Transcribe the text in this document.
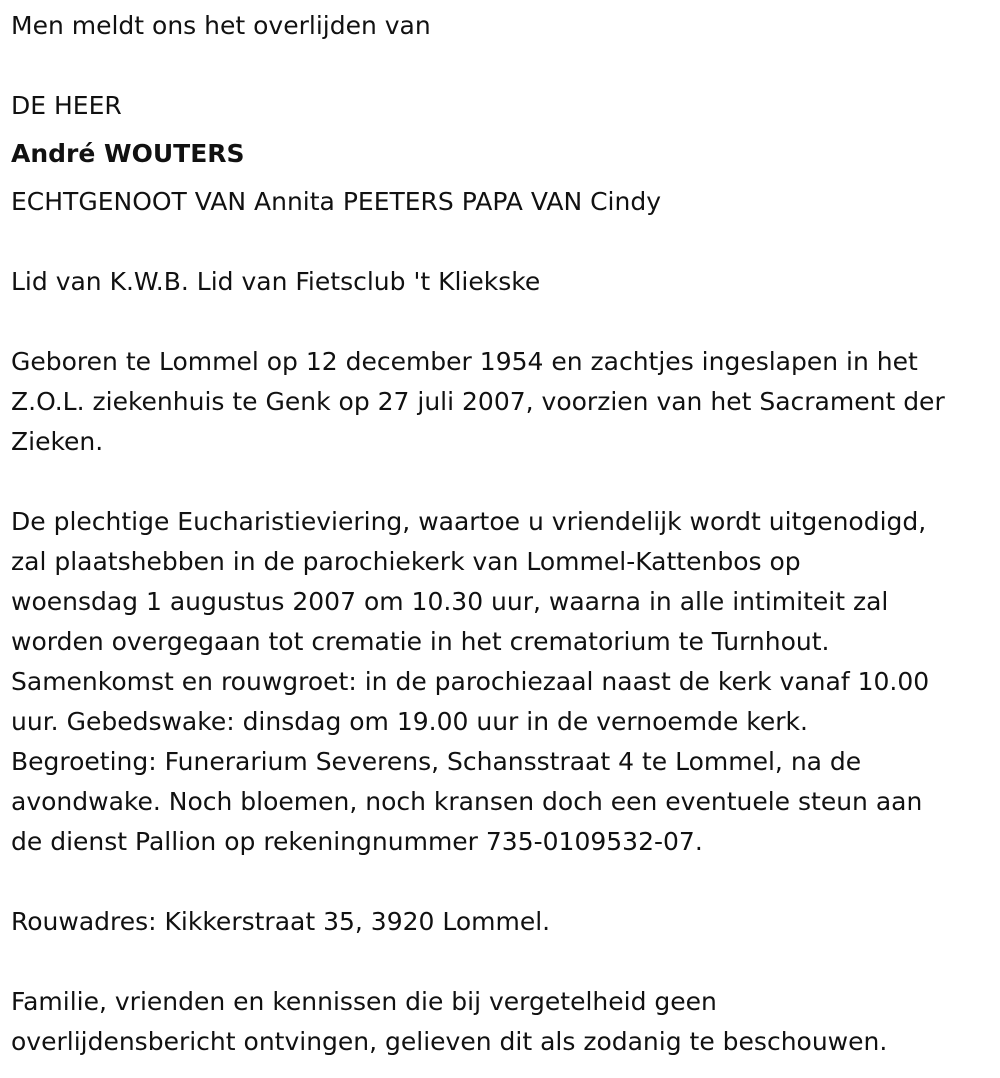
Men meldt ons het overlijden van
DE HEER
André WOUTERS
ECHTGENOOT VAN Annita PEETERS PAPA VAN Cindy
Lid van K.W.B. Lid van Fietsclub 't Kliekske
Geboren te Lommel op 12 december 1954 en zachtjes ingeslapen in het
Z.O.L. ziekenhuis te Genk op 27 juli 2007, voorzien van het Sacrament der
Zieken.
De plechtige Eucharistieviering, waartoe u vriendelijk wordt uitgenodigd,
zal plaatshebben in de parochiekerk van Lommel-Kattenbos op
woensdag 1 augustus 2007 om 10.30 uur, waarna in alle intimiteit zal
worden overgegaan tot crematie in het crematorium te Turnhout.
Samenkomst en rouwgroet: in de parochiezaal naast de kerk vanaf 10.00
uur. Gebedswake: dinsdag om 19.00 uur in de vernoemde kerk.
Begroeting: Funerarium Severens, Schansstraat 4 te Lommel, na de
avondwake. Noch bloemen, noch kransen doch een eventuele steun aan
de dienst Pallion op rekeningnummer 735-0109532-07.
Rouwadres: Kikkerstraat 35, 3920 Lommel.
Familie, vrienden en kennissen die bij vergetelheid geen
overlijdensbericht ontvingen, gelieven dit als zodanig te beschouwen.
